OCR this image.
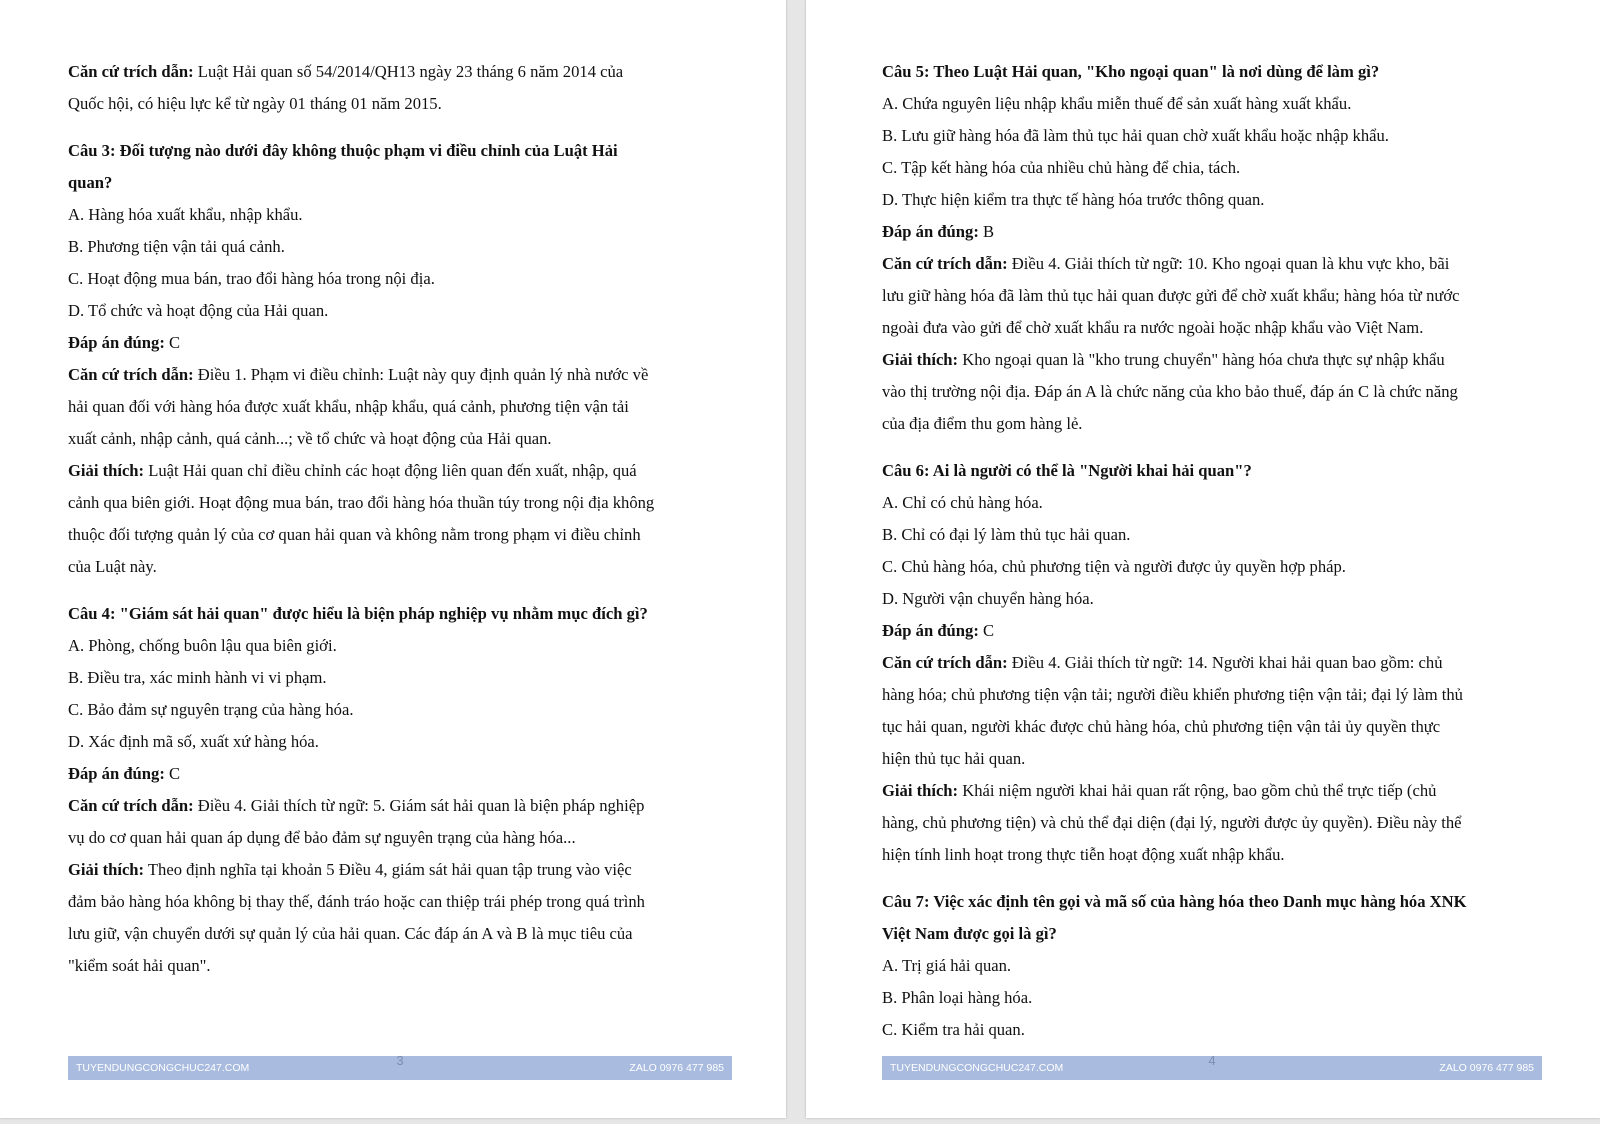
Căn cứ trích dẫn: Luật Hải quan số 54/2014/QH13 ngày 23 tháng 6 năm 2014 của

Quốc hội, có hiệu lực kể từ ngày 01 tháng 01 năm 2015.

Câu 3: Đối tượng nào dưới đây không thuộc phạm vi điều chỉnh của Luật Hải

quan?

A. Hàng hóa xuất khẩu, nhập khẩu.

B. Phương tiện vận tải quá cảnh.

C. Hoạt động mua bán, trao đổi hàng hóa trong nội địa.

D. Tổ chức và hoạt động của Hải quan.

Đáp án đúng: C

Căn cứ trích dẫn: Điều 1. Phạm vi điều chỉnh: Luật này quy định quản lý nhà nước về

hải quan đối với hàng hóa được xuất khẩu, nhập khẩu, quá cảnh, phương tiện vận tải

xuất cảnh, nhập cảnh, quá cảnh...; về tổ chức và hoạt động của Hải quan.

Giải thích: Luật Hải quan chỉ điều chỉnh các hoạt động liên quan đến xuất, nhập, quá

cảnh qua biên giới. Hoạt động mua bán, trao đổi hàng hóa thuần túy trong nội địa không

thuộc đối tượng quản lý của cơ quan hải quan và không nằm trong phạm vi điều chỉnh

của Luật này.

Câu 4: "Giám sát hải quan" được hiểu là biện pháp nghiệp vụ nhằm mục đích gì?

A. Phòng, chống buôn lậu qua biên giới.

B. Điều tra, xác minh hành vi vi phạm.

C. Bảo đảm sự nguyên trạng của hàng hóa.

D. Xác định mã số, xuất xứ hàng hóa.

Đáp án đúng: C

Căn cứ trích dẫn: Điều 4. Giải thích từ ngữ: 5. Giám sát hải quan là biện pháp nghiệp

vụ do cơ quan hải quan áp dụng để bảo đảm sự nguyên trạng của hàng hóa...

Giải thích: Theo định nghĩa tại khoản 5 Điều 4, giám sát hải quan tập trung vào việc

đảm bảo hàng hóa không bị thay thế, đánh tráo hoặc can thiệp trái phép trong quá trình

lưu giữ, vận chuyển dưới sự quản lý của hải quan. Các đáp án A và B là mục tiêu của

"kiểm soát hải quan".

TUYENDUNGCONGCHUC247.COM	3	ZALO 0976 477 985

Câu 5: Theo Luật Hải quan, "Kho ngoại quan" là nơi dùng để làm gì?

A. Chứa nguyên liệu nhập khẩu miễn thuế để sản xuất hàng xuất khẩu.

B. Lưu giữ hàng hóa đã làm thủ tục hải quan chờ xuất khẩu hoặc nhập khẩu.

C. Tập kết hàng hóa của nhiều chủ hàng để chia, tách.

D. Thực hiện kiểm tra thực tế hàng hóa trước thông quan.

Đáp án đúng: B

Căn cứ trích dẫn: Điều 4. Giải thích từ ngữ: 10. Kho ngoại quan là khu vực kho, bãi

lưu giữ hàng hóa đã làm thủ tục hải quan được gửi để chờ xuất khẩu; hàng hóa từ nước

ngoài đưa vào gửi để chờ xuất khẩu ra nước ngoài hoặc nhập khẩu vào Việt Nam.

Giải thích: Kho ngoại quan là "kho trung chuyển" hàng hóa chưa thực sự nhập khẩu

vào thị trường nội địa. Đáp án A là chức năng của kho bảo thuế, đáp án C là chức năng

của địa điểm thu gom hàng lẻ.

Câu 6: Ai là người có thể là "Người khai hải quan"?

A. Chỉ có chủ hàng hóa.

B. Chỉ có đại lý làm thủ tục hải quan.

C. Chủ hàng hóa, chủ phương tiện và người được ủy quyền hợp pháp.

D. Người vận chuyển hàng hóa.

Đáp án đúng: C

Căn cứ trích dẫn: Điều 4. Giải thích từ ngữ: 14. Người khai hải quan bao gồm: chủ

hàng hóa; chủ phương tiện vận tải; người điều khiển phương tiện vận tải; đại lý làm thủ

tục hải quan, người khác được chủ hàng hóa, chủ phương tiện vận tải ủy quyền thực

hiện thủ tục hải quan.

Giải thích: Khái niệm người khai hải quan rất rộng, bao gồm chủ thể trực tiếp (chủ

hàng, chủ phương tiện) và chủ thể đại diện (đại lý, người được ủy quyền). Điều này thể

hiện tính linh hoạt trong thực tiễn hoạt động xuất nhập khẩu.

Câu 7: Việc xác định tên gọi và mã số của hàng hóa theo Danh mục hàng hóa XNK

Việt Nam được gọi là gì?

A. Trị giá hải quan.

B. Phân loại hàng hóa.

C. Kiểm tra hải quan.

TUYENDUNGCONGCHUC247.COM	4	ZALO 0976 477 985
